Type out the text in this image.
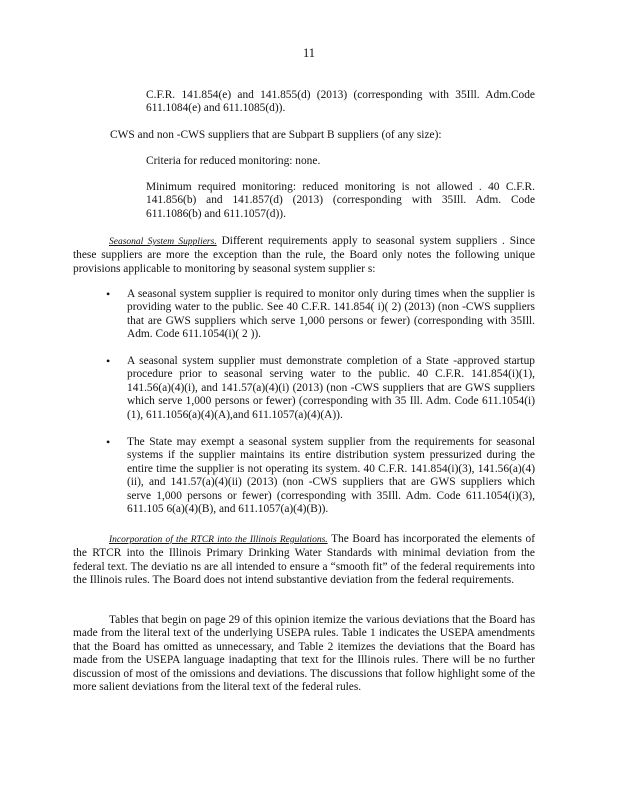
11
C.F.R. 141.854(e) and 141.855(d) (2013) (corresponding with 35Ill. Adm.Code 611.1084(e) and 611.1085(d)).
CWS and non -CWS suppliers that are Subpart B suppliers (of any size):
Criteria for reduced monitoring: none.
Minimum required monitoring: reduced monitoring is not allowed . 40 C.F.R. 141.856(b) and 141.857(d) (2013) (corresponding with 35Ill. Adm. Code 611.1086(b) and 611.1057(d)).
Seasonal System Suppliers. Different requirements apply to seasonal system suppliers . Since these suppliers are more the exception than the rule, the Board only notes the following unique provisions applicable to monitoring by seasonal system supplier s:
• A seasonal system supplier is required to monitor only during times when the supplier is providing water to the public. See 40 C.F.R. 141.854( i)( 2) (2013) (non -CWS suppliers that are GWS suppliers which serve 1,000 persons or fewer) (corresponding with 35Ill. Adm. Code 611.1054(i)( 2 )).
• A seasonal system supplier must demonstrate completion of a State -approved startup procedure prior to seasonal serving water to the public. 40 C.F.R. 141.854(i)(1), 141.56(a)(4)(i), and 141.57(a)(4)(i) (2013) (non -CWS suppliers that are GWS suppliers which serve 1,000 persons or fewer) (corresponding with 35 Ill. Adm. Code 611.1054(i)(1), 611.1056(a)(4)(A),and 611.1057(a)(4)(A)).
• The State may exempt a seasonal system supplier from the requirements for seasonal systems if the supplier maintains its entire distribution system pressurized during the entire time the supplier is not operating its system. 40 C.F.R. 141.854(i)(3), 141.56(a)(4)(ii), and 141.57(a)(4)(ii) (2013) (non -CWS suppliers that are GWS suppliers which serve 1,000 persons or fewer) (corresponding with 35Ill. Adm. Code 611.1054(i)(3), 611.105 6(a)(4)(B), and 611.1057(a)(4)(B)).
Incorporation of the RTCR into the Illinois Regulations. The Board has incorporated the elements of the RTCR into the Illinois Primary Drinking Water Standards with minimal deviation from the federal text. The deviatio ns are all intended to ensure a “smooth fit” of the federal requirements into the Illinois rules. The Board does not intend substantive deviation from the federal requirements.
Tables that begin on page 29 of this opinion itemize the various deviations that the Board has made from the literal text of the underlying USEPA rules. Table 1 indicates the USEPA amendments that the Board has omitted as unnecessary, and Table 2 itemizes the deviations that the Board has made from the USEPA language inadapting that text for the Illinois rules. There will be no further discussion of most of the omissions and deviations. The discussions that follow highlight some of the more salient deviations from the literal text of the federal rules.
